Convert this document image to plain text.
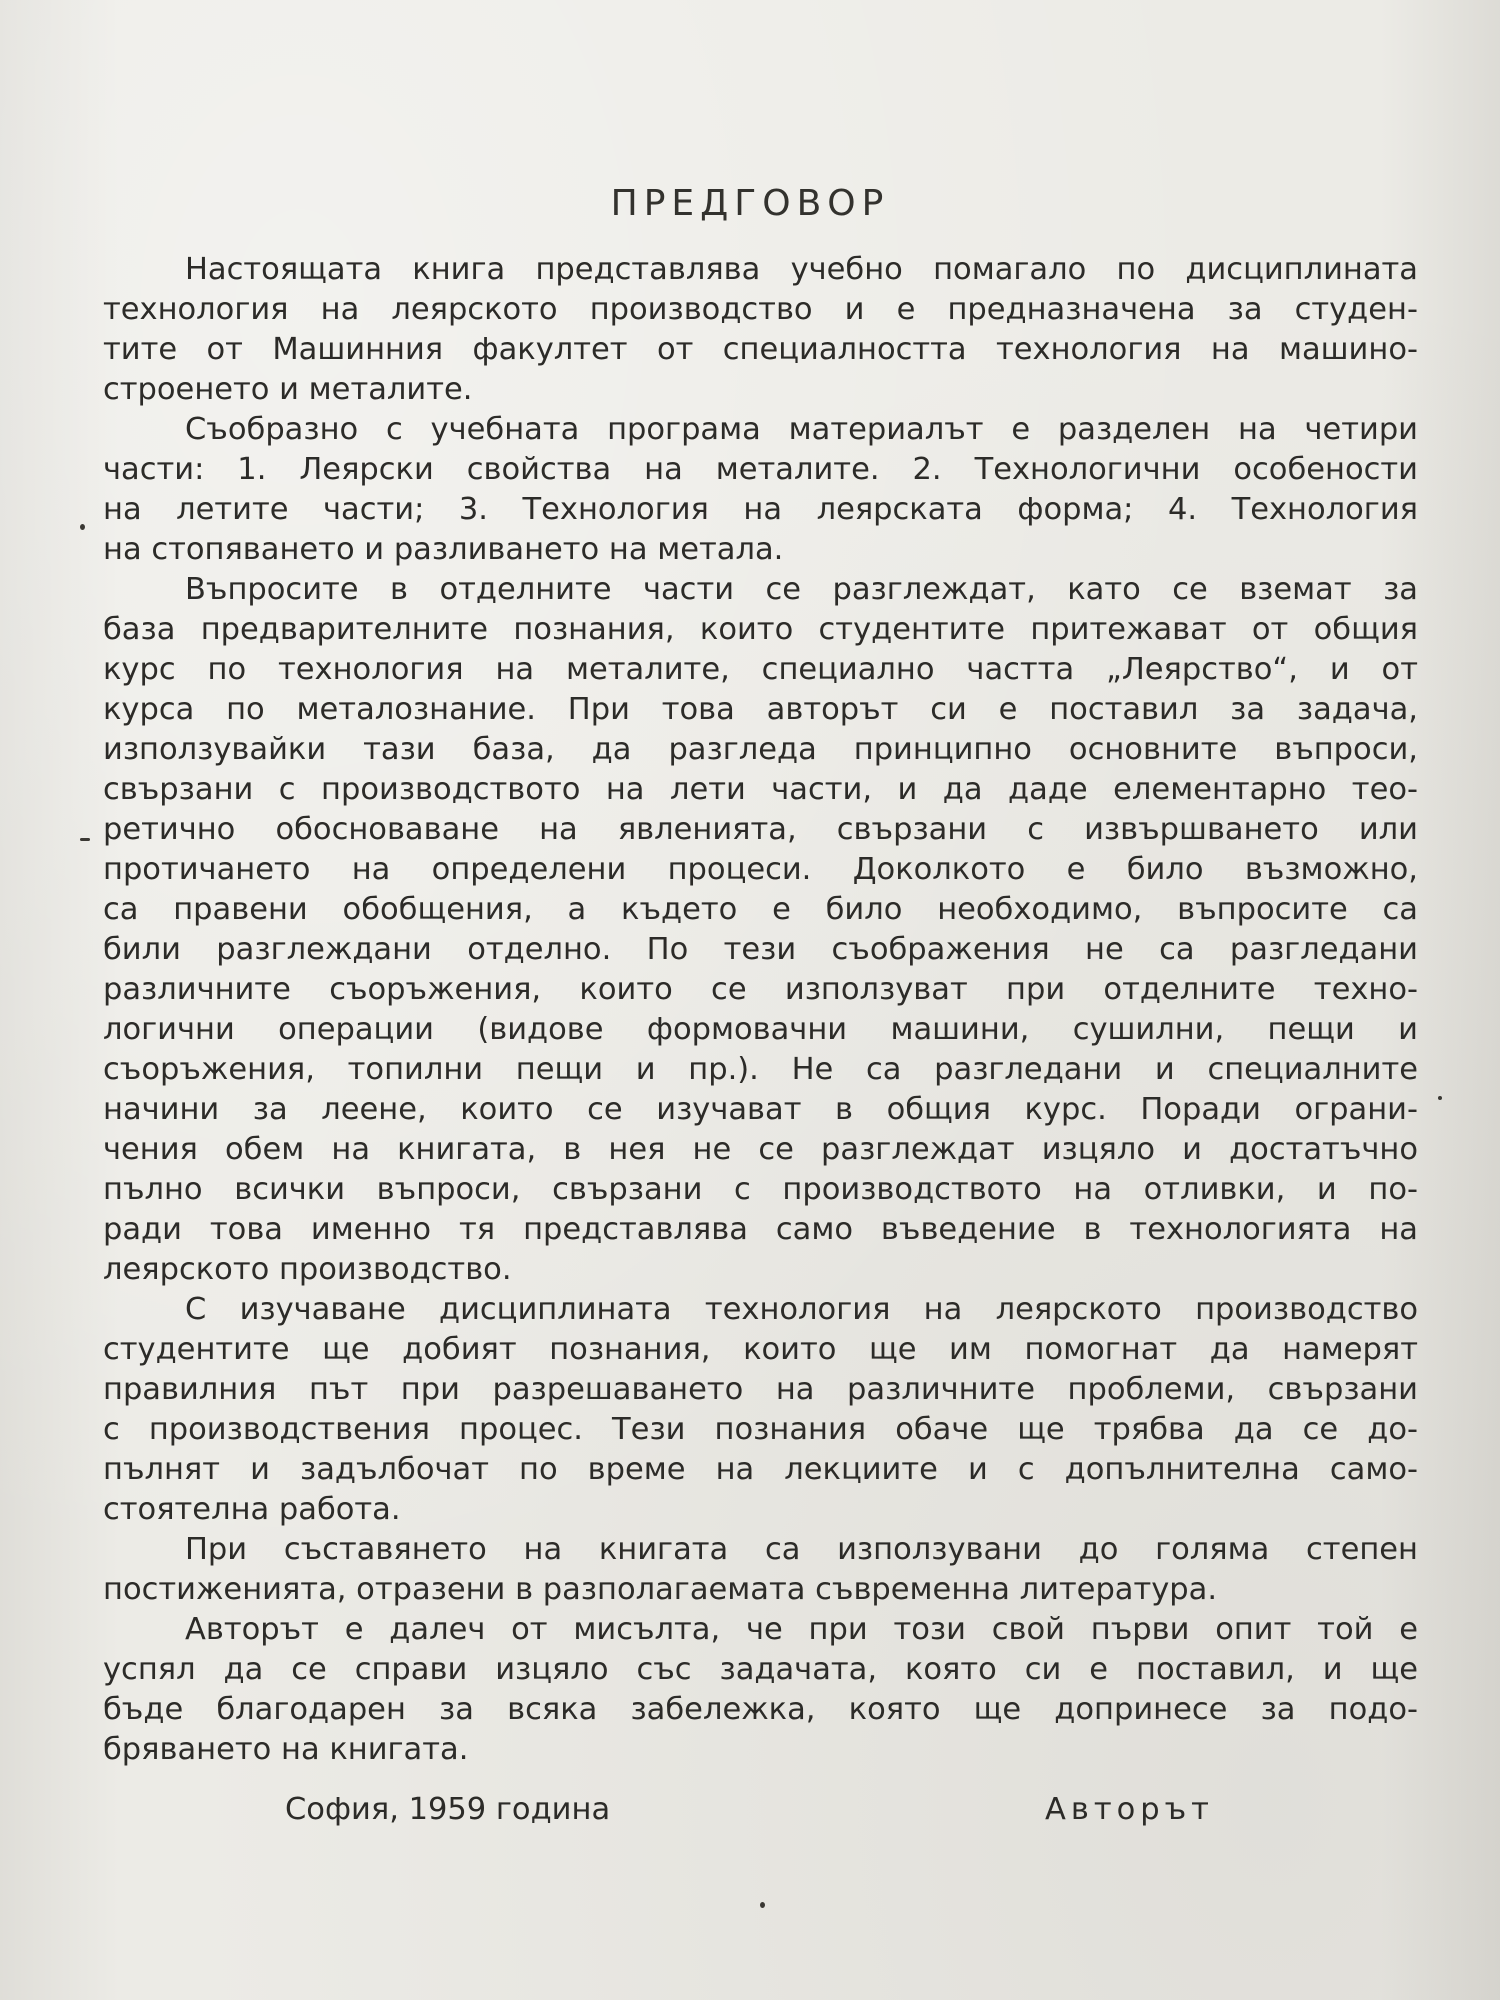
ПРЕДГОВОР
Настоящата книга представлява учебно помагало по дисциплината
технология на леярското производство и е предназначена за студен-
тите от Машинния факултет от специалността технология на машино-
строенето и металите.
Съобразно с учебната програма материалът е разделен на четири
части: 1. Леярски свойства на металите. 2. Технологични особености
на летите части; 3. Технология на леярската форма; 4. Технология
на стопяването и разливането на метала.
Въпросите в отделните части се разглеждат, като се вземат за
база предварителните познания, които студентите притежават от общия
курс по технология на металите, специално частта „Леярство“, и от
курса по металознание. При това авторът си е поставил за задача,
използувайки тази база, да разгледа принципно основните въпроси,
свързани с производството на лети части, и да даде елементарно тео-
ретично обосноваване на явленията, свързани с извършването или
протичането на определени процеси. Доколкото е било възможно,
са правени обобщения, а където е било необходимо, въпросите са
били разглеждани отделно. По тези съображения не са разгледани
различните съоръжения, които се използуват при отделните техно-
логични операции (видове формовачни машини, сушилни, пещи и
съоръжения, топилни пещи и пр.). Не са разгледани и специалните
начини за леене, които се изучават в общия курс. Поради ограни-
чения обем на книгата, в нея не се разглеждат изцяло и достатъчно
пълно всички въпроси, свързани с производството на отливки, и по-
ради това именно тя представлява само въведение в технологията на
леярското производство.
С изучаване дисциплината технология на леярското производство
студентите ще добият познания, които ще им помогнат да намерят
правилния път при разрешаването на различните проблеми, свързани
с производствения процес. Тези познания обаче ще трябва да се до-
пълнят и задълбочат по време на лекциите и с допълнителна само-
стоятелна работа.
При съставянето на книгата са използувани до голяма степен
постиженията, отразени в разполагаемата съвременна литература.
Авторът е далеч от мисълта, че при този свой първи опит той е
успял да се справи изцяло със задачата, която си е поставил, и ще
бъде благодарен за всяка забележка, която ще допринесе за подо-
бряването на книгата.
София, 1959 година	Авторът
